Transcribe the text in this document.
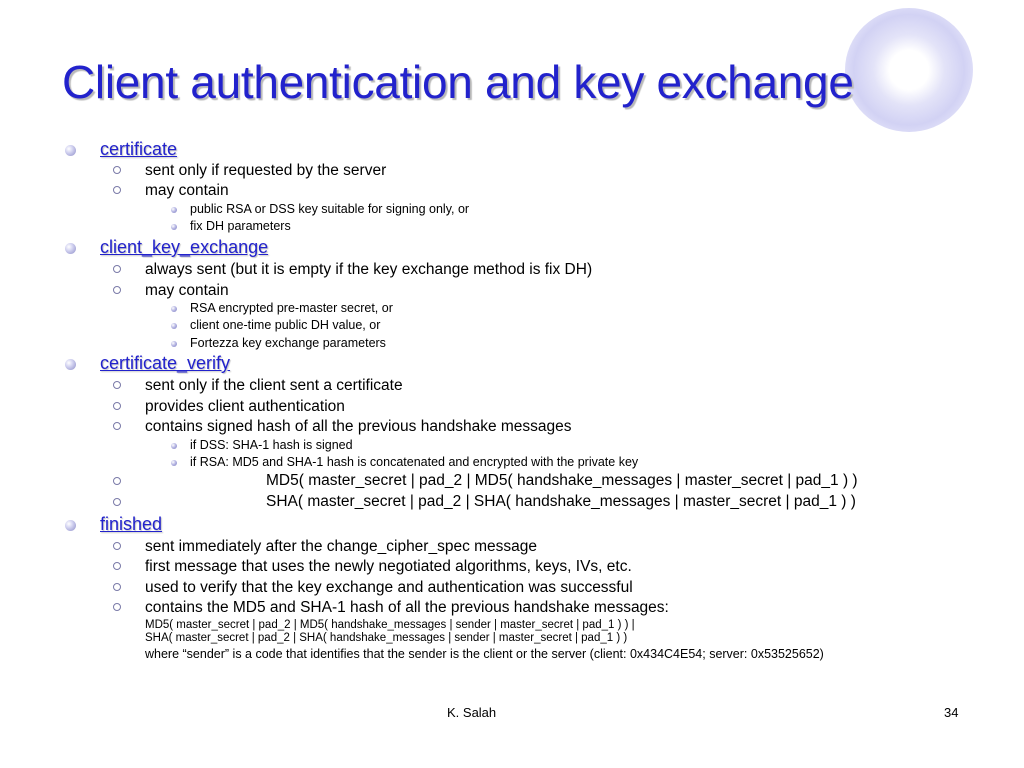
Client authentication and key exchange
certificate
sent only if requested by the server
may contain
public RSA or DSS key suitable for signing only, or
fix DH parameters
client_key_exchange
always sent (but it is empty if the key exchange method is fix DH)
may contain
RSA encrypted pre-master secret, or
client one-time public DH value, or
Fortezza key exchange parameters
certificate_verify
sent only if the client sent a certificate
provides client authentication
contains signed hash of all the previous handshake messages
if DSS: SHA-1 hash is signed
if RSA: MD5 and SHA-1 hash is concatenated and encrypted with the private key
MD5( master_secret | pad_2 | MD5( handshake_messages | master_secret | pad_1 ) )
SHA( master_secret | pad_2 | SHA( handshake_messages | master_secret | pad_1 ) )
finished
sent immediately after the change_cipher_spec message
first message that uses the newly negotiated algorithms, keys, IVs, etc.
used to verify that the key exchange and authentication was successful
contains the MD5 and SHA-1 hash of all the previous handshake messages:
MD5( master_secret | pad_2 | MD5( handshake_messages | sender | master_secret | pad_1 ) ) |
SHA( master_secret | pad_2 | SHA( handshake_messages | sender | master_secret | pad_1 ) )
where “sender” is a code that identifies that the sender is the client or the server (client: 0x434C4E54; server: 0x53525652)
K. Salah	34
